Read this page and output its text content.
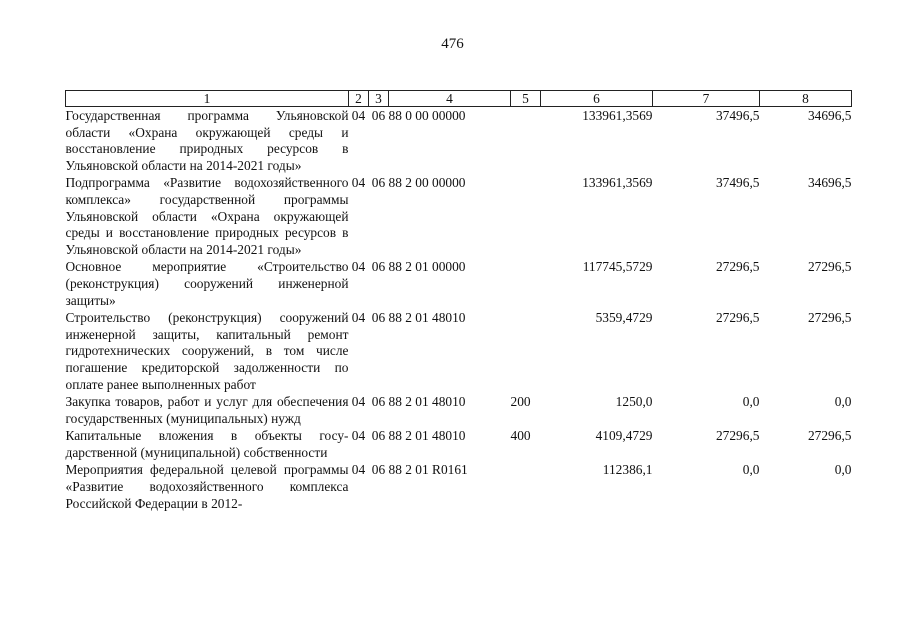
476
1	2	3	4	5	6	7	8
Государственная программа Ульяновской области «Охрана окружающей среды и восстановление природных ресурсов в Ульяновской области на 2014-2021 годы»	04	06	88 0 00 00000		133961,3569	37496,5	34696,5
Подпрограмма «Развитие водохозяйственного комплекса» государственной программы Ульяновской области «Охрана окружающей среды и восстановление природных ресурсов в Ульяновской области на 2014-2021 годы»	04	06	88 2 00 00000		133961,3569	37496,5	34696,5
Основное мероприятие «Строительство (реконструкция) сооружений инженерной защиты»	04	06	88 2 01 00000		117745,5729	27296,5	27296,5
Строительство (реконструкция) сооружений инженерной защиты, капитальный ремонт гидротехнических сооружений, в том числе погашение кредиторской задолженности по оплате ранее выполненных работ	04	06	88 2 01 48010		5359,4729	27296,5	27296,5
Закупка товаров, работ и услуг для обеспечения государственных (муниципальных) нужд	04	06	88 2 01 48010	200	1250,0	0,0	0,0
Капитальные вложения в объекты государственной (муниципальной) собственности	04	06	88 2 01 48010	400	4109,4729	27296,5	27296,5
Мероприятия федеральной целевой программы «Развитие водохозяйственного комплекса Российской Федерации в 2012-	04	06	88 2 01 R0161		112386,1	0,0	0,0
